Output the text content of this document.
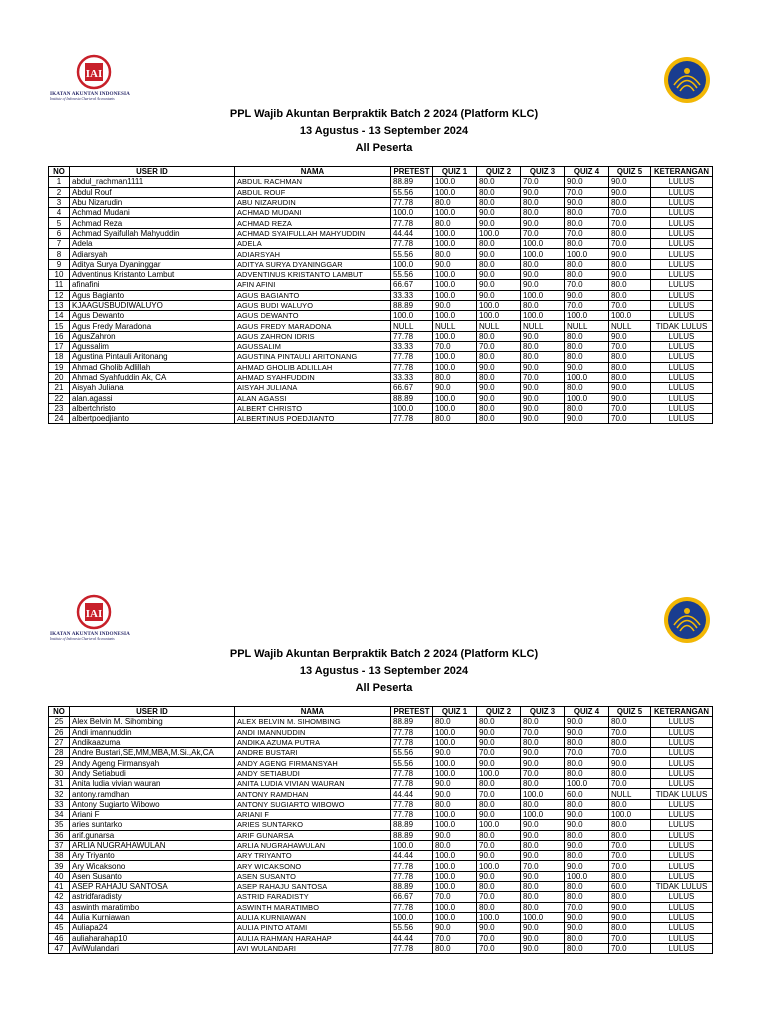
IAI
IKATAN AKUNTAN INDONESIA
Institute of Indonesia Chartered Accountants
PPL Wajib Akuntan Berpraktik Batch 2 2024 (Platform KLC)
13 Agustus - 13 September 2024
All Peserta
NO	USER ID	NAMA	PRETEST	QUIZ 1	QUIZ 2	QUIZ 3	QUIZ 4	QUIZ 5	KETERANGAN
1	abdul_rachman1111	ABDUL RACHMAN	88.89	100.0	80.0	70.0	90.0	90.0	LULUS
2	Abdul Rouf	ABDUL ROUF	55.56	100.0	80.0	90.0	70.0	90.0	LULUS
3	Abu Nizarudin	ABU NIZARUDIN	77.78	80.0	80.0	80.0	90.0	80.0	LULUS
4	Achmad Mudani	ACHMAD MUDANI	100.0	100.0	90.0	80.0	80.0	70.0	LULUS
5	Achmad Reza	ACHMAD REZA	77.78	80.0	90.0	90.0	80.0	70.0	LULUS
6	Achmad Syaifullah Mahyuddin	ACHMAD SYAIFULLAH MAHYUDDIN	44.44	100.0	100.0	70.0	70.0	80.0	LULUS
7	Adela	ADELA	77.78	100.0	80.0	100.0	80.0	70.0	LULUS
8	Adiarsyah	ADIARSYAH	55.56	80.0	90.0	100.0	100.0	90.0	LULUS
9	Aditya Surya Dyaninggar	ADITYA SURYA DYANINGGAR	100.0	90.0	80.0	80.0	80.0	80.0	LULUS
10	Adventinus Kristanto Lambut	ADVENTINUS KRISTANTO LAMBUT	55.56	100.0	90.0	90.0	80.0	90.0	LULUS
11	afinafini	AFIN AFINI	66.67	100.0	90.0	90.0	70.0	80.0	LULUS
12	Agus Bagianto	AGUS BAGIANTO	33.33	100.0	90.0	100.0	90.0	80.0	LULUS
13	KJAAGUSBUDIWALUYO	AGUS BUDI WALUYO	88.89	90.0	100.0	80.0	70.0	70.0	LULUS
14	Agus Dewanto	AGUS DEWANTO	100.0	100.0	100.0	100.0	100.0	100.0	LULUS
15	Agus Fredy Maradona	AGUS FREDY MARADONA	NULL	NULL	NULL	NULL	NULL	NULL	TIDAK LULUS
16	AgusZahron	AGUS ZAHRON IDRIS	77.78	100.0	80.0	90.0	80.0	90.0	LULUS
17	Agussalim	AGUSSALIM	33.33	70.0	70.0	80.0	80.0	70.0	LULUS
18	Agustina Pintauli Aritonang	AGUSTINA PINTAULI ARITONANG	77.78	100.0	80.0	80.0	80.0	80.0	LULUS
19	Ahmad Gholib Adlillah	AHMAD GHOLIB ADLILLAH	77.78	100.0	90.0	90.0	90.0	80.0	LULUS
20	Ahmad Syahfuddin Ak, CA	AHMAD SYAHFUDDIN	33.33	80.0	80.0	70.0	100.0	80.0	LULUS
21	Aisyah Juliana	AISYAH JULIANA	66.67	90.0	90.0	90.0	80.0	90.0	LULUS
22	alan.agassi	ALAN AGASSI	88.89	100.0	90.0	90.0	100.0	90.0	LULUS
23	albertchristo	ALBERT CHRISTO	100.0	100.0	80.0	90.0	80.0	70.0	LULUS
24	albertpoedjianto	ALBERTINUS POEDJIANTO	77.78	80.0	80.0	90.0	90.0	70.0	LULUS
IAI
IKATAN AKUNTAN INDONESIA
Institute of Indonesia Chartered Accountants
PPL Wajib Akuntan Berpraktik Batch 2 2024 (Platform KLC)
13 Agustus - 13 September 2024
All Peserta
NO	USER ID	NAMA	PRETEST	QUIZ 1	QUIZ 2	QUIZ 3	QUIZ 4	QUIZ 5	KETERANGAN
25	Alex Belvin M. Sihombing	ALEX BELVIN M. SIHOMBING	88.89	80.0	80.0	80.0	90.0	80.0	LULUS
26	Andi imannuddin	ANDI IMANNUDDIN	77.78	100.0	90.0	70.0	90.0	70.0	LULUS
27	Andikaazuma	ANDIKA AZUMA PUTRA	77.78	100.0	90.0	80.0	80.0	80.0	LULUS
28	Andre Bustari,SE,MM,MBA,M.Si.,Ak,CA	ANDRE BUSTARI	55.56	90.0	70.0	90.0	70.0	70.0	LULUS
29	Andy Ageng Firmansyah	ANDY AGENG FIRMANSYAH	55.56	100.0	90.0	90.0	80.0	90.0	LULUS
30	Andy Setiabudi	ANDY SETIABUDI	77.78	100.0	100.0	70.0	80.0	80.0	LULUS
31	Anita ludia vivian wauran	ANITA LUDIA VIVIAN WAURAN	77.78	90.0	80.0	80.0	100.0	70.0	LULUS
32	antony.ramdhan	ANTONY RAMDHAN	44.44	90.0	70.0	100.0	60.0	NULL	TIDAK LULUS
33	Antony Sugiarto Wibowo	ANTONY SUGIARTO WIBOWO	77.78	80.0	80.0	80.0	80.0	80.0	LULUS
34	Ariani F	ARIANI F	77.78	100.0	90.0	100.0	90.0	100.0	LULUS
35	aries suntarko	ARIES SUNTARKO	88.89	100.0	100.0	90.0	90.0	80.0	LULUS
36	arif.gunarsa	ARIF GUNARSA	88.89	90.0	80.0	90.0	80.0	80.0	LULUS
37	ARLIA NUGRAHAWULAN	ARLIA NUGRAHAWULAN	100.0	80.0	70.0	80.0	90.0	70.0	LULUS
38	Ary Triyanto	ARY TRIYANTO	44.44	100.0	90.0	90.0	80.0	70.0	LULUS
39	Ary Wicaksono	ARY WICAKSONO	77.78	100.0	100.0	70.0	90.0	70.0	LULUS
40	Asen Susanto	ASEN SUSANTO	77.78	100.0	90.0	90.0	100.0	80.0	LULUS
41	ASEP RAHAJU SANTOSA	ASEP RAHAJU SANTOSA	88.89	100.0	80.0	80.0	80.0	60.0	TIDAK LULUS
42	astridfaradisty	ASTRID FARADISTY	66.67	70.0	70.0	80.0	80.0	80.0	LULUS
43	aswinth maratimbo	ASWINTH MARATIMBO	77.78	100.0	80.0	80.0	70.0	90.0	LULUS
44	Aulia Kurniawan	AULIA KURNIAWAN	100.0	100.0	100.0	100.0	90.0	90.0	LULUS
45	Auliapa24	AULIA PINTO ATAMI	55.56	90.0	90.0	90.0	90.0	80.0	LULUS
46	auliaharahap10	AULIA RAHMAN HARAHAP	44.44	70.0	70.0	90.0	80.0	70.0	LULUS
47	AviWulandari	AVI WULANDARI	77.78	80.0	70.0	90.0	80.0	70.0	LULUS
